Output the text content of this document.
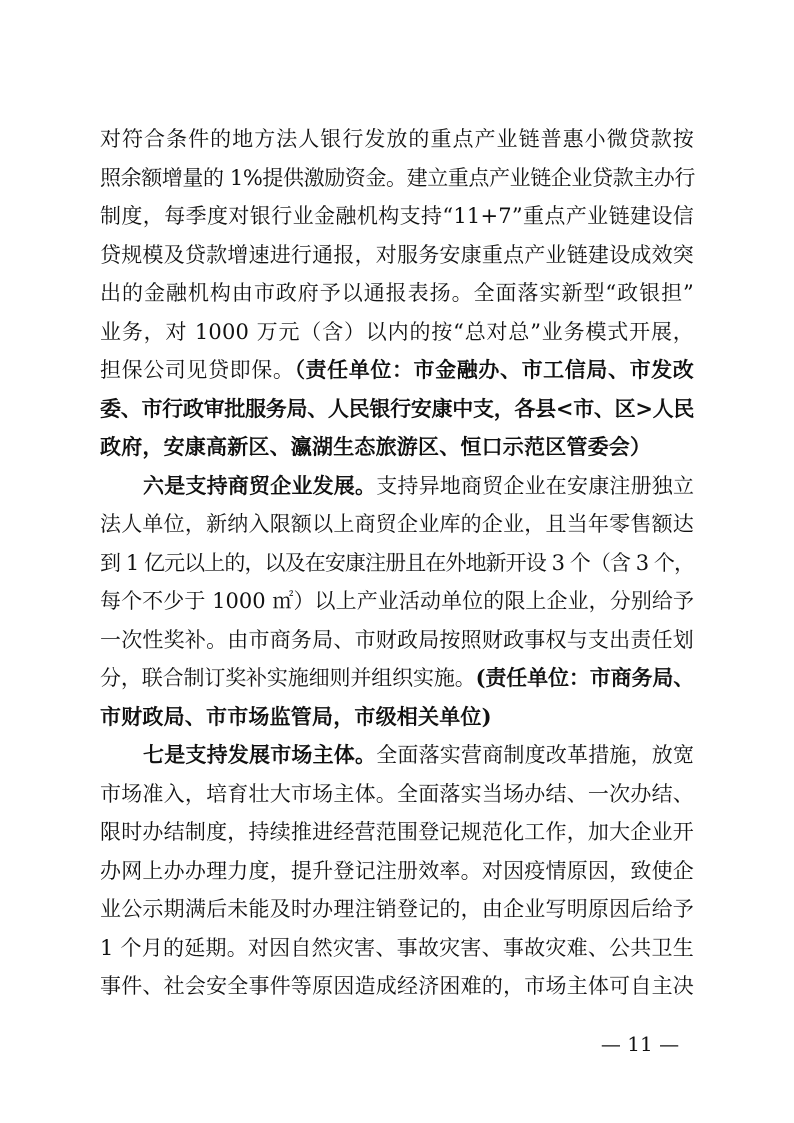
对符合条件的地方法人银行发放的重点产业链普惠小微贷款按
照余额增量的 1%提供激励资金。建立重点产业链企业贷款主办行
制度，每季度对银行业金融机构支持“11+7”重点产业链建设信
贷规模及贷款增速进行通报，对服务安康重点产业链建设成效突
出的金融机构由市政府予以通报表扬。全面落实新型“政银担”
业务，对 1000 万元（含）以内的按“总对总”业务模式开展，
担保公司见贷即保。（责任单位：市金融办、市工信局、市发改
委、市行政审批服务局、人民银行安康中支，各县<市、区>人民
政府，安康高新区、瀛湖生态旅游区、恒口示范区管委会）
六是支持商贸企业发展。支持异地商贸企业在安康注册独立
法人单位，新纳入限额以上商贸企业库的企业，且当年零售额达
到 1 亿元以上的，以及在安康注册且在外地新开设 3 个（含 3 个，
每个不少于 1000 ㎡）以上产业活动单位的限上企业，分别给予
一次性奖补。由市商务局、市财政局按照财政事权与支出责任划
分，联合制订奖补实施细则并组织实施。(责任单位：市商务局、
市财政局、市市场监管局，市级相关单位)
七是支持发展市场主体。全面落实营商制度改革措施，放宽
市场准入，培育壮大市场主体。全面落实当场办结、一次办结、
限时办结制度，持续推进经营范围登记规范化工作，加大企业开
办网上办办理力度，提升登记注册效率。对因疫情原因，致使企
业公示期满后未能及时办理注销登记的，由企业写明原因后给予
1 个月的延期。对因自然灾害、事故灾害、事故灾难、公共卫生
事件、社会安全事件等原因造成经济困难的，市场主体可自主决
— 11 —
